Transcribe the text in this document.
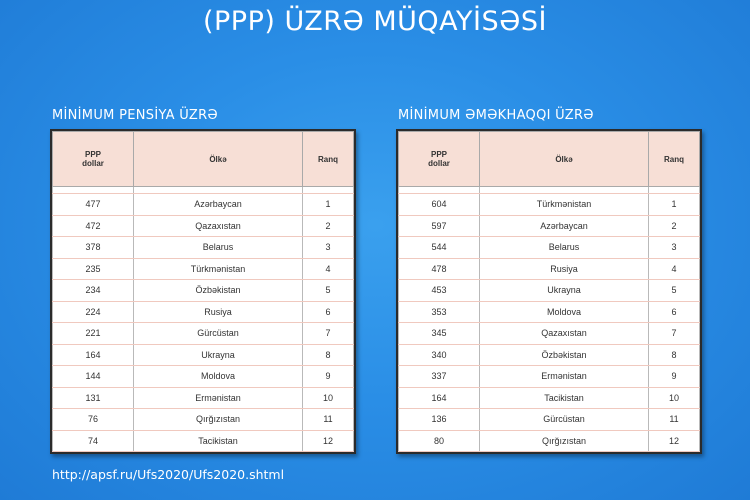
(PPP) ÜZRƏ MÜQAYİSƏSİ
MİNİMUM PENSİYA ÜZRƏ	MİNİMUM ƏMƏKHAQQI ÜZRƏ
PPP
dollar	Ölkə	Ranq

477	Azərbaycan	1
472	Qazaxıstan	2
378	Belarus	3
235	Türkmənistan	4
234	Özbəkistan	5
224	Rusiya	6
221	Gürcüstan	7
164	Ukrayna	8
144	Moldova	9
131	Ermənistan	10
76	Qırğızıstan	11
74	Tacikistan	12
PPP
dollar	Ölkə	Ranq

604	Türkmənistan	1
597	Azərbaycan	2
544	Belarus	3
478	Rusiya	4
453	Ukrayna	5
353	Moldova	6
345	Qazaxıstan	7
340	Özbəkistan	8
337	Ermənistan	9
164	Tacikistan	10
136	Gürcüstan	11
80	Qırğızıstan	12
http://apsf.ru/Ufs2020/Ufs2020.shtml
